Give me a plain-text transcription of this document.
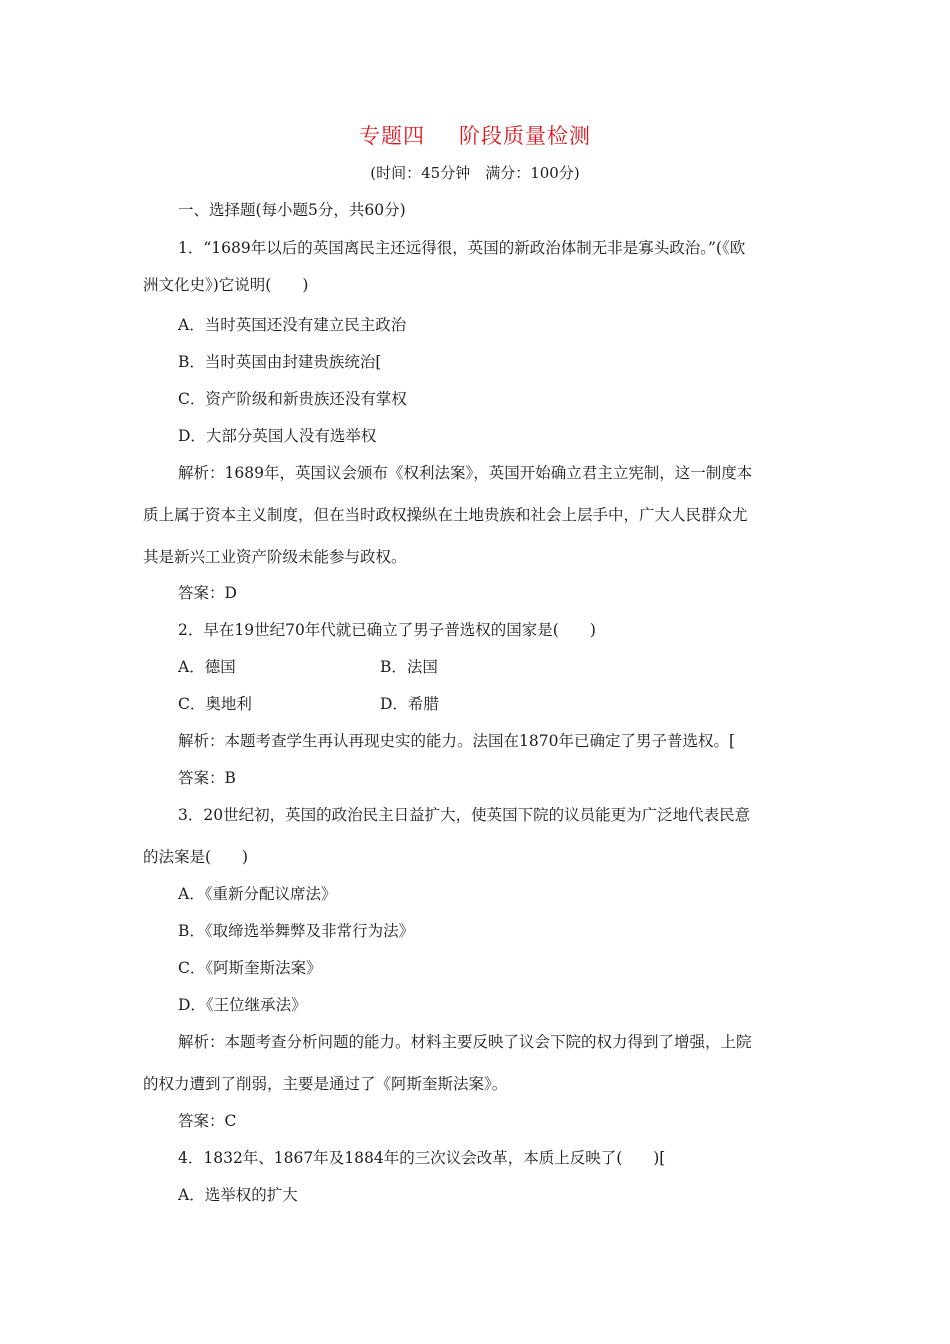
专题四 阶段质量检测
(时间：45分钟　满分：100分)
一、选择题(每小题5分，共60分)
1．“1689年以后的英国离民主还远得很，英国的新政治体制无非是寡头政治。”(《欧
洲文化史》)它说明(　　)
A．当时英国还没有建立民主政治
B．当时英国由封建贵族统治[
C．资产阶级和新贵族还没有掌权
D．大部分英国人没有选举权
解析：1689年，英国议会颁布《权利法案》，英国开始确立君主立宪制，这一制度本
质上属于资本主义制度，但在当时政权操纵在土地贵族和社会上层手中，广大人民群众尤
其是新兴工业资产阶级未能参与政权。
答案：D
2．早在19世纪70年代就已确立了男子普选权的国家是(　　)
A．德国	B．法国
C．奥地利	D．希腊
解析：本题考查学生再认再现史实的能力。法国在1870年已确定了男子普选权。[
答案：B
3．20世纪初，英国的政治民主日益扩大，使英国下院的议员能更为广泛地代表民意
的法案是(　　)
A．《重新分配议席法》
B．《取缔选举舞弊及非常行为法》
C．《阿斯奎斯法案》
D．《王位继承法》
解析：本题考查分析问题的能力。材料主要反映了议会下院的权力得到了增强，上院
的权力遭到了削弱，主要是通过了《阿斯奎斯法案》。
答案：C
4．1832年、1867年及1884年的三次议会改革，本质上反映了(　　)[
A．选举权的扩大
